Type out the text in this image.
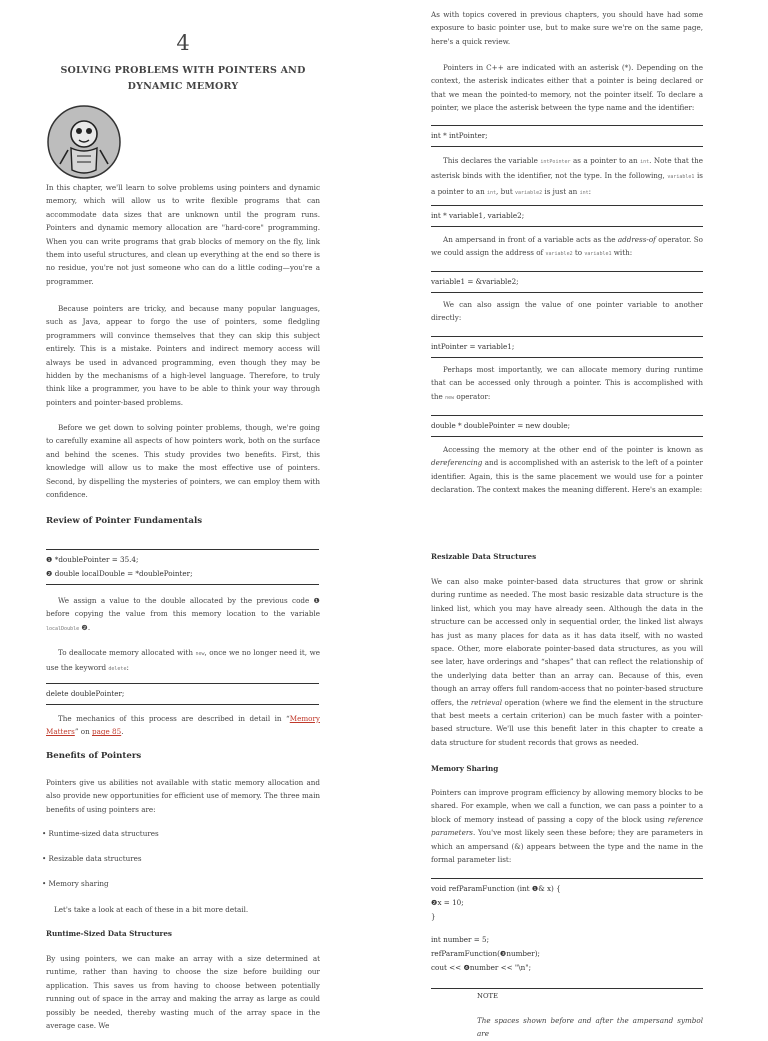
4
SOLVING PROBLEMS WITH POINTERS AND
DYNAMIC MEMORY

In this chapter, we'll learn to solve problems using pointers and dynamic memory, which will allow us to write flexible programs that can accommodate data sizes that are unknown until the program runs. Pointers and dynamic memory allocation are "hard-core" programming. When you can write programs that grab blocks of memory on the fly, link them into useful structures, and clean up everything at the end so there is no residue, you're not just someone who can do a little coding—you're a programmer.

Because pointers are tricky, and because many popular languages, such as Java, appear to forgo the use of pointers, some fledgling programmers will convince themselves that they can skip this subject entirely. This is a mistake. Pointers and indirect memory access will always be used in advanced programming, even though they may be hidden by the mechanisms of a high-level language. Therefore, to truly think like a programmer, you have to be able to think your way through pointers and pointer-based problems.

Before we get down to solving pointer problems, though, we're going to carefully examine all aspects of how pointers work, both on the surface and behind the scenes. This study provides two benefits. First, this knowledge will allow us to make the most effective use of pointers. Second, by dispelling the mysteries of pointers, we can employ them with confidence.

Review of Pointer Fundamentals
❶ *doublePointer = 35.4;
❷ double localDouble = *doublePointer;

We assign a value to the double allocated by the previous code ❶ before copying the value from this memory location to the variable localDouble ❷.

To deallocate memory allocated with new, once we no longer need it, we use the keyword delete:

delete doublePointer;

The mechanics of this process are described in detail in “Memory Matters” on page 85.

Benefits of Pointers

Pointers give us abilities not available with static memory allocation and also provide new opportunities for efficient use of memory. The three main benefits of using pointers are:

• Runtime-sized data structures
• Resizable data structures
• Memory sharing

Let's take a look at each of these in a bit more detail.

Runtime-Sized Data Structures

By using pointers, we can make an array with a size determined at runtime, rather than having to choose the size before building our application. This saves us from having to choose between potentially running out of space in the array and making the array as large as could possibly be needed, thereby wasting much of the array space in the average case. We

As with topics covered in previous chapters, you should have had some exposure to basic pointer use, but to make sure we're on the same page, here's a quick review.

Pointers in C++ are indicated with an asterisk (*). Depending on the context, the asterisk indicates either that a pointer is being declared or that we mean the pointed-to memory, not the pointer itself. To declare a pointer, we place the asterisk between the type name and the identifier:

int * intPointer;

This declares the variable intPointer as a pointer to an int. Note that the asterisk binds with the identifier, not the type. In the following, variable1 is a pointer to an int, but variable2 is just an int:

int * variable1, variable2;

An ampersand in front of a variable acts as the address-of operator. So we could assign the address of variable2 to variable1 with:

variable1 = &variable2;

We can also assign the value of one pointer variable to another directly:

intPointer = variable1;

Perhaps most importantly, we can allocate memory during runtime that can be accessed only through a pointer. This is accomplished with the new operator:

double * doublePointer = new double;

Accessing the memory at the other end of the pointer is known as dereferencing and is accomplished with an asterisk to the left of a pointer identifier. Again, this is the same placement we would use for a pointer declaration. The context makes the meaning different. Here's an example:

Resizable Data Structures

We can also make pointer-based data structures that grow or shrink during runtime as needed. The most basic resizable data structure is the linked list, which you may have already seen. Although the data in the structure can be accessed only in sequential order, the linked list always has just as many places for data as it has data itself, with no wasted space. Other, more elaborate pointer-based data structures, as you will see later, have orderings and “shapes” that can reflect the relationship of the underlying data better than an array can. Because of this, even though an array offers full random-access that no pointer-based structure offers, the retrieval operation (where we find the element in the structure that best meets a certain criterion) can be much faster with a pointer-based structure. We'll use this benefit later in this chapter to create a data structure for student records that grows as needed.

Memory Sharing

Pointers can improve program efficiency by allowing memory blocks to be shared. For example, when we call a function, we can pass a pointer to a block of memory instead of passing a copy of the block using reference parameters. You've most likely seen these before; they are parameters in which an ampersand (&) appears between the type and the name in the formal parameter list:

void refParamFunction (int ❶& x) {
❷x = 10;
}
int number = 5;
refParamFunction(❸number);
cout << ❹number << "\n";
NOTE

The spaces shown before and after the ampersand symbol are
